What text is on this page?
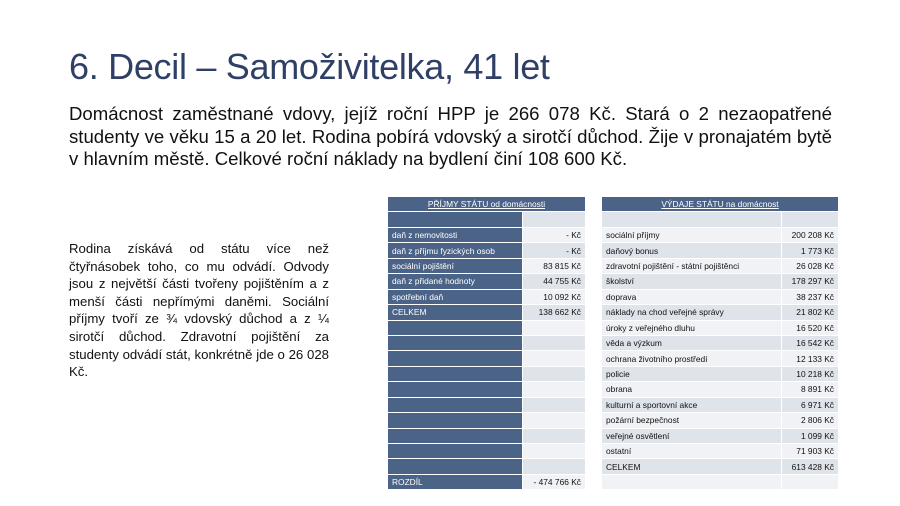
6. Decil – Samoživitelka, 41 let
Domácnost zaměstnané vdovy, jejíž roční HPP je 266 078 Kč. Stará o 2 nezaopatřené studenty ve věku 15 a 20 let. Rodina pobírá vdovský a sirotčí důchod. Žije v pronajatém bytě v hlavním městě. Celkové roční náklady na bydlení činí 108 600 Kč.
Rodina získává od státu více než čtyřnásobek toho, co mu odvádí. Odvody jsou z největší části tvořeny pojištěním a z menší části nepřímými daněmi. Sociální příjmy tvoří ze ¾ vdovský důchod a z ¼ sirotčí důchod. Zdravotní pojištění za studenty odvádí stát, konkrétně jde o 26 028 Kč.
PŘÍJMY STÁTU od domácnosti			VÝDAJE STÁTU na domácnost	

daň z nemovitosti	- Kč		sociální příjmy	200 208 Kč
daň z příjmu fyzických osob	- Kč		daňový bonus	1 773 Kč
sociální pojištění	83 815 Kč		zdravotní pojištění - státní pojištěnci	26 028 Kč
daň z přidané hodnoty	44 755 Kč		školství	178 297 Kč
spotřební daň	10 092 Kč		doprava	38 237 Kč
CELKEM	138 662 Kč		náklady na chod veřejné správy	21 802 Kč
			úroky z veřejného dluhu	16 520 Kč
			věda a výzkum	16 542 Kč
			ochrana životního prostředí	12 133 Kč
			policie	10 218 Kč
			obrana	8 891 Kč
			kulturní a sportovní akce	6 971 Kč
			požární bezpečnost	2 806 Kč
			veřejné osvětlení	1 099 Kč
			ostatní	71 903 Kč
			CELKEM	613 428 Kč
ROZDÍL	- 474 766 Kč			
